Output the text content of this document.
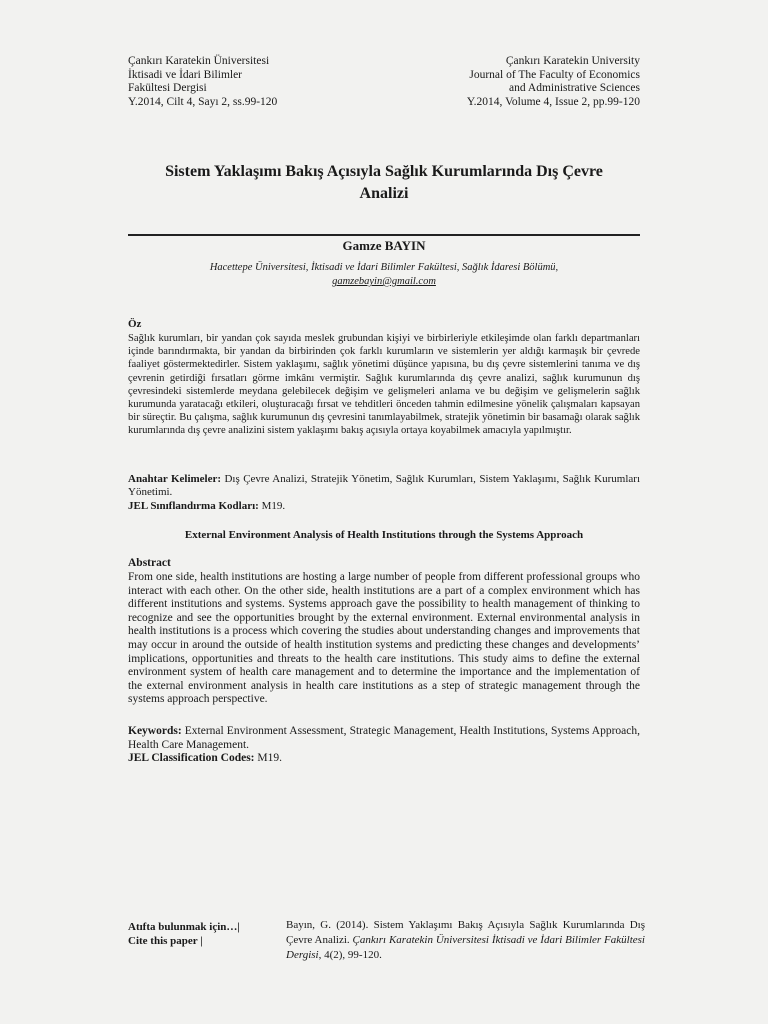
Çankırı Karatekin Üniversitesi
İktisadi ve İdari Bilimler
Fakültesi Dergisi
Y.2014, Cilt 4, Sayı 2, ss.99-120
Çankırı Karatekin University
Journal of The Faculty of Economics
and Administrative Sciences
Y.2014, Volume 4, Issue 2, pp.99-120
Sistem Yaklaşımı Bakış Açısıyla Sağlık Kurumlarında Dış Çevre
Analizi
Gamze BAYIN
Hacettepe Üniversitesi, İktisadi ve İdari Bilimler Fakültesi, Sağlık İdaresi Bölümü,
gamzebayin@gmail.com
Öz
Sağlık kurumları, bir yandan çok sayıda meslek grubundan kişiyi ve birbirleriyle etkileşimde olan farklı departmanları içinde barındırmakta, bir yandan da birbirinden çok farklı kurumların ve sistemlerin yer aldığı karmaşık bir çevrede faaliyet göstermektedirler. Sistem yaklaşımı, sağlık yönetimi düşünce yapısına, bu dış çevre sistemlerini tanıma ve dış çevrenin getirdiği fırsatları görme imkânı vermiştir. Sağlık kurumlarında dış çevre analizi, sağlık kurumunun dış çevresindeki sistemlerde meydana gelebilecek değişim ve gelişmeleri anlama ve bu değişim ve gelişmelerin sağlık kurumunda yaratacağı etkileri, oluşturacağı fırsat ve tehditleri önceden tahmin edilmesine yönelik çalışmaları kapsayan bir süreçtir. Bu çalışma, sağlık kurumunun dış çevresini tanımlayabilmek, stratejik yönetimin bir basamağı olarak sağlık kurumlarında dış çevre analizini sistem yaklaşımı bakış açısıyla ortaya koyabilmek amacıyla yapılmıştır.
Anahtar Kelimeler: Dış Çevre Analizi, Stratejik Yönetim, Sağlık Kurumları, Sistem Yaklaşımı, Sağlık Kurumları Yönetimi.
JEL Sınıflandırma Kodları: M19.
External Environment Analysis of Health Institutions through the Systems Approach
Abstract
From one side, health institutions are hosting a large number of people from different professional groups who interact with each other. On the other side, health institutions are a part of a complex environment which has different institutions and systems. Systems approach gave the possibility to health management of thinking to recognize and see the opportunities brought by the external environment. External environmental analysis in health institutions is a process which covering the studies about understanding changes and improvements that may occur in around the outside of health institution systems and predicting these changes and developments’ implications, opportunities and threats to the health care institutions. This study aims to define the external environment system of health care management and to determine the importance and the implementation of the external environment analysis in health care institutions as a step of strategic management through the systems approach perspective.
Keywords: External Environment Assessment, Strategic Management, Health Institutions, Systems Approach, Health Care Management.
JEL Classification Codes: M19.
Atıfta bulunmak için…|
Cite this paper |
Bayın, G. (2014). Sistem Yaklaşımı Bakış Açısıyla Sağlık Kurumlarında Dış Çevre Analizi. Çankırı Karatekin Üniversitesi İktisadi ve İdari Bilimler Fakültesi Dergisi, 4(2), 99-120.
